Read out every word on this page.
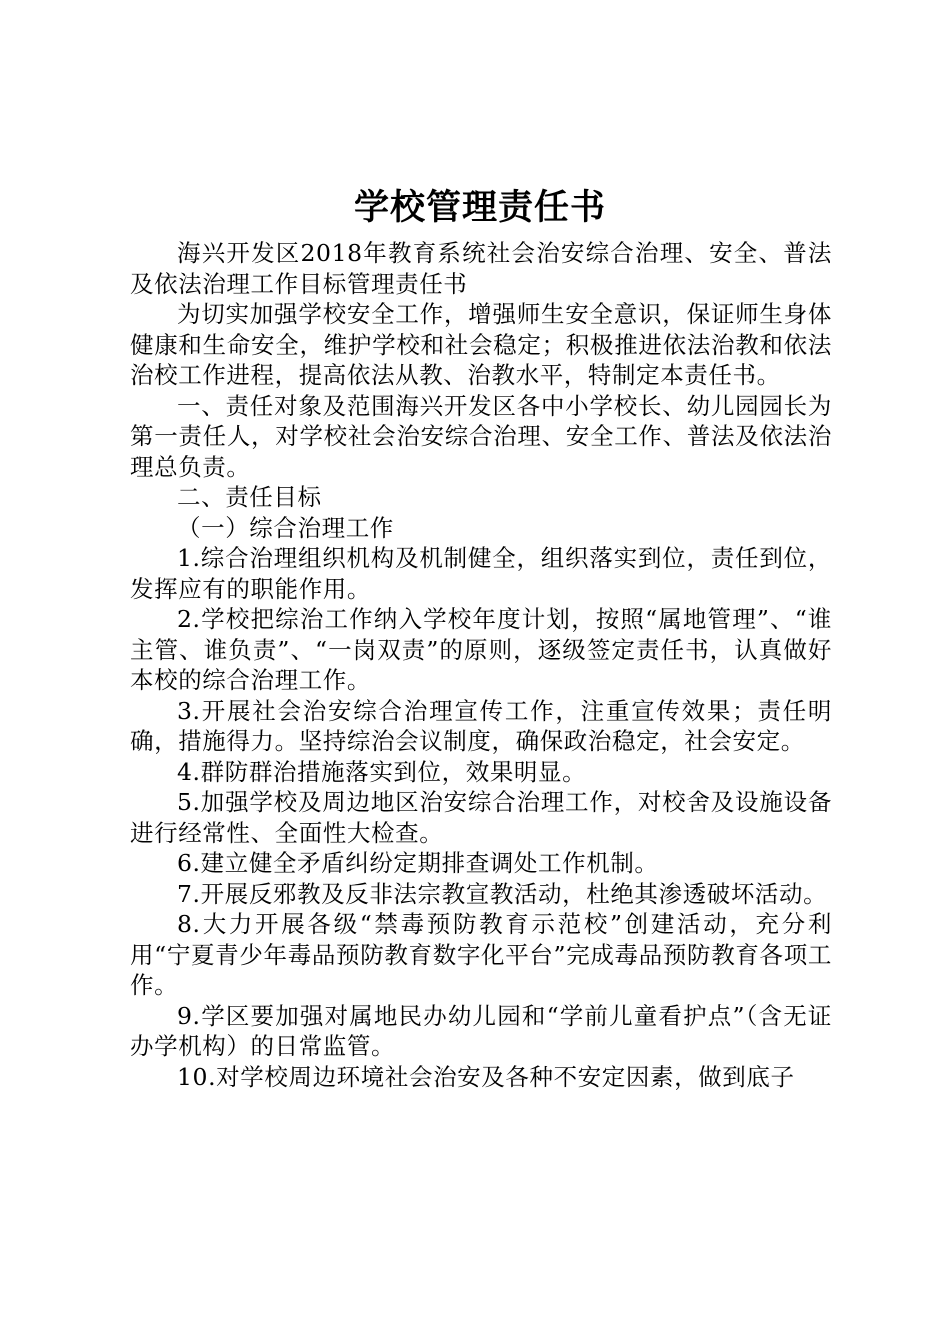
学校管理责任书

海兴开发区2018年教育系统社会治安综合治理、安全、普法及依法治理工作目标管理责任书

为切实加强学校安全工作，增强师生安全意识，保证师生身体健康和生命安全，维护学校和社会稳定；积极推进依法治教和依法治校工作进程，提高依法从教、治教水平，特制定本责任书。

一、责任对象及范围海兴开发区各中小学校长、幼儿园园长为第一责任人，对学校社会治安综合治理、安全工作、普法及依法治理总负责。

二、责任目标

（一）综合治理工作

1.综合治理组织机构及机制健全，组织落实到位，责任到位，发挥应有的职能作用。

2.学校把综治工作纳入学校年度计划，按照“属地管理”、“谁主管、谁负责”、“一岗双责”的原则，逐级签定责任书，认真做好本校的综合治理工作。

3.开展社会治安综合治理宣传工作，注重宣传效果；责任明确，措施得力。坚持综治会议制度，确保政治稳定，社会安定。

4.群防群治措施落实到位，效果明显。

5.加强学校及周边地区治安综合治理工作，对校舍及设施设备进行经常性、全面性大检查。

6.建立健全矛盾纠纷定期排查调处工作机制。

7.开展反邪教及反非法宗教宣教活动，杜绝其渗透破坏活动。

8.大力开展各级“禁毒预防教育示范校”创建活动，充分利用“宁夏青少年毒品预防教育数字化平台”完成毒品预防教育各项工作。

9.学区要加强对属地民办幼儿园和“学前儿童看护点”（含无证办学机构）的日常监管。

10.对学校周边环境社会治安及各种不安定因素，做到底子
